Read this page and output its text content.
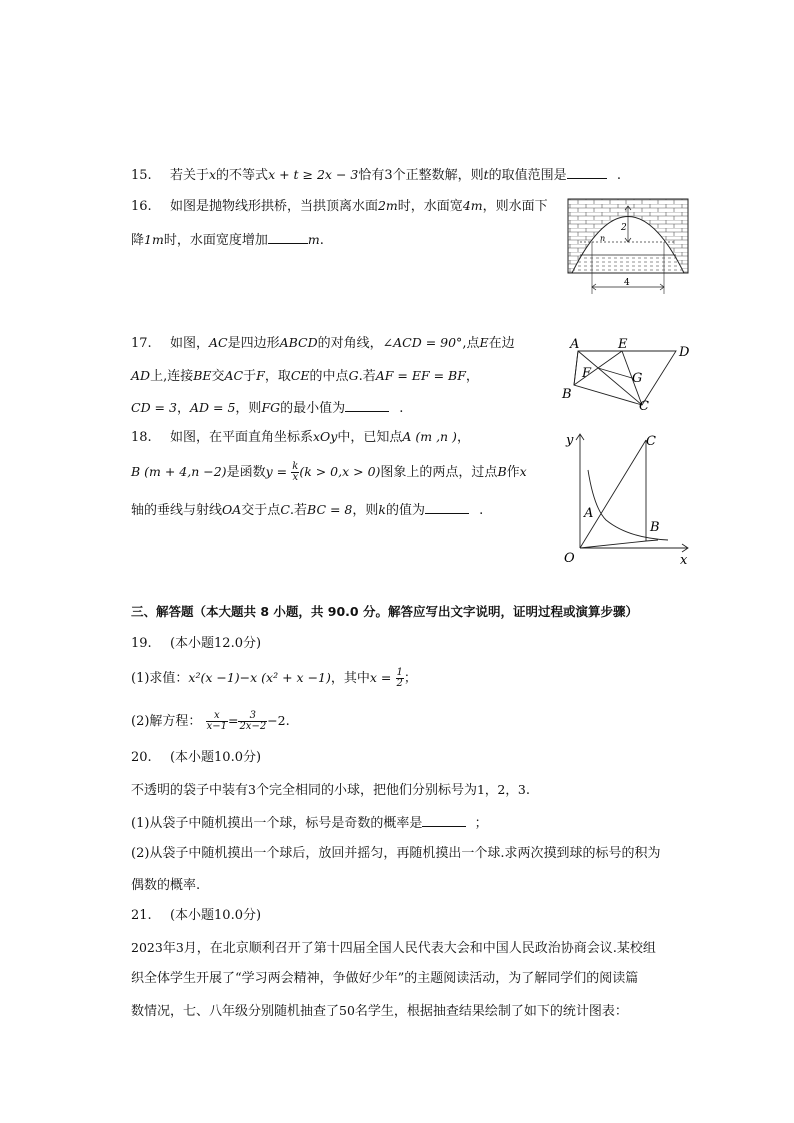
15. 若关于x的不等式x + t ≥ 2x − 3恰有3个正整数解，则t的取值范围是	.
16. 如图是抛物线形拱桥，当拱顶离水面2m时，水面宽4m，则水面下
降1m时，水面宽度增加	m.
2
n
4
17. 如图，AC是四边形ABCD的对角线，∠ACD = 90°,点E在边
AD上,连接BE交AC于F，取CE的中点G.若AF = EF = BF，
CD = 3，AD = 5，则FG的最小值为	.
A	E
D
F	G
B
C
18. 如图，在平面直角坐标系xOy中，已知点A (m ,n )，
B (m + 4,n −2)是函数$y = \frac{k}{x} (k > 0,x > 0)$图象上的两点，过点B作x
轴的垂线与射线OA交于点C.若BC = 8，则k的值为	.
y
x
O
A
B
C
三、解答题（本大题共 8 小题，共 90.0 分。解答应写出文字说明，证明过程或演算步骤）
19. (本小题12.0分)
(1)求值：x²(x −1)−x (x² + x −1)，其中$x = \frac{1}{2}$ ；
(2)解方程： $\frac{x}{x-1} = \frac{3}{2x-2} -2$.
20. (本小题10.0分)
不透明的袋子中装有3个完全相同的小球，把他们分别标号为1，2，3.
(1)从袋子中随机摸出一个球，标号是奇数的概率是	；
(2)从袋子中随机摸出一个球后，放回并摇匀，再随机摸出一个球.求两次摸到球的标号的积为
偶数的概率.
21. (本小题10.0分)
2023年3月，在北京顺利召开了第十四届全国人民代表大会和中国人民政治协商会议.某校组
织全体学生开展了“学习两会精神，争做好少年”的主题阅读活动，为了解同学们的阅读篇
数情况，七、八年级分别随机抽查了50名学生，根据抽查结果绘制了如下的统计图表：
